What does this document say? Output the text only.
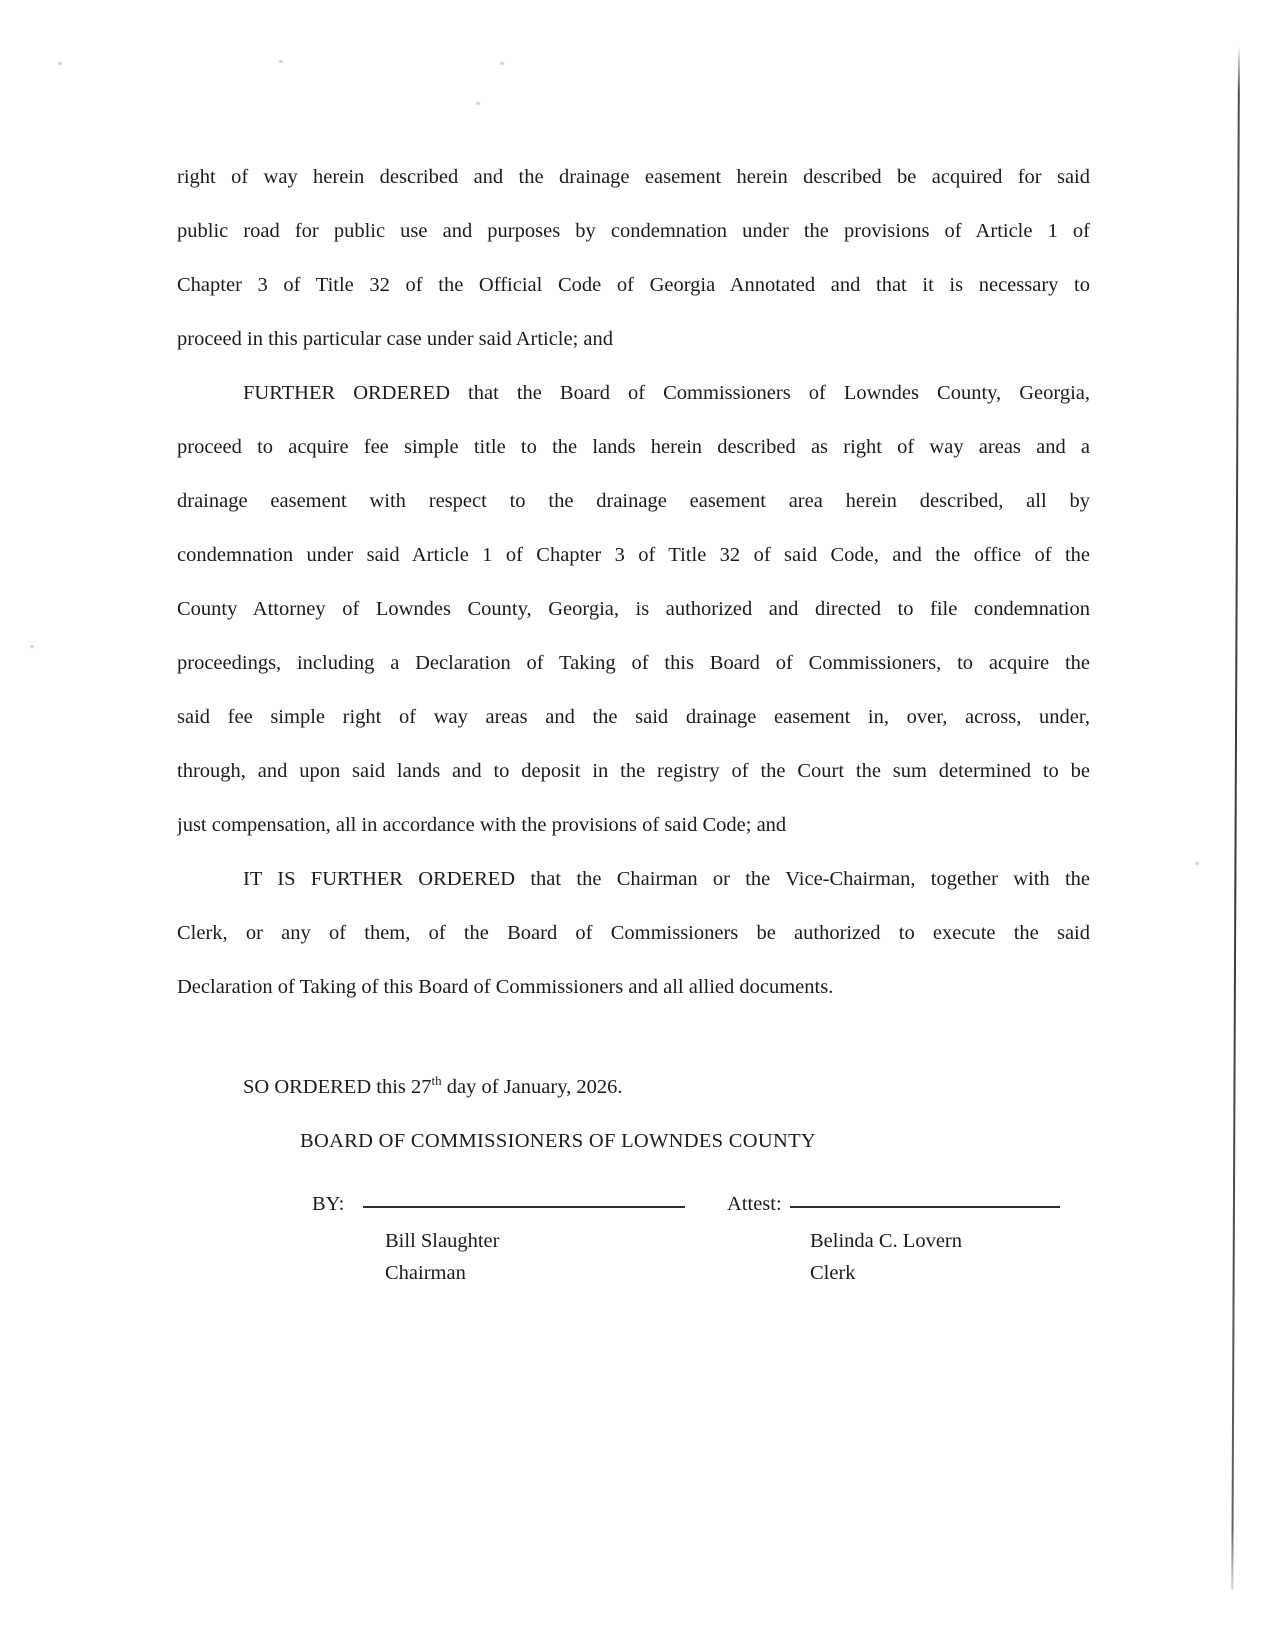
right of way herein described and the drainage easement herein described be acquired for said
public road for public use and purposes by condemnation under the provisions of Article 1 of
Chapter 3 of Title 32 of the Official Code of Georgia Annotated and that it is necessary to
proceed in this particular case under said Article; and
FURTHER ORDERED that the Board of Commissioners of Lowndes County, Georgia,
proceed to acquire fee simple title to the lands herein described as right of way areas and a
drainage easement with respect to the drainage easement area herein described, all by
condemnation under said Article 1 of Chapter 3 of Title 32 of said Code, and the office of the
County Attorney of Lowndes County, Georgia, is authorized and directed to file condemnation
proceedings, including a Declaration of Taking of this Board of Commissioners, to acquire the
said fee simple right of way areas and the said drainage easement in, over, across, under,
through, and upon said lands and to deposit in the registry of the Court the sum determined to be
just compensation, all in accordance with the provisions of said Code; and
IT IS FURTHER ORDERED that the Chairman or the Vice-Chairman, together with the
Clerk, or any of them, of the Board of Commissioners be authorized to execute the said
Declaration of Taking of this Board of Commissioners and all allied documents.
SO ORDERED this 27th day of January, 2026.
BOARD OF COMMISSIONERS OF LOWNDES COUNTY
BY:	Attest:
Bill Slaughter
Chairman
Belinda C. Lovern
Clerk
